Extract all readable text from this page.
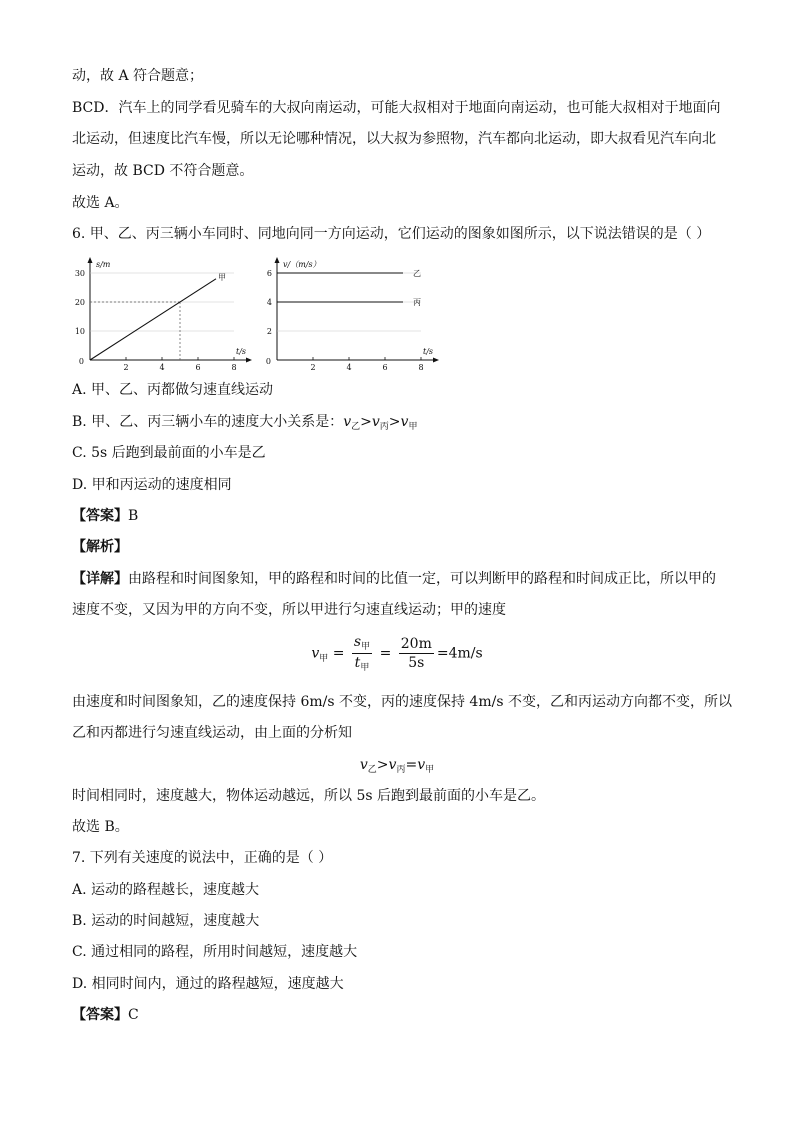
动，故 A 符合题意；
BCD．汽车上的同学看见骑车的大叔向南运动，可能大叔相对于地面向南运动，也可能大叔相对于地面向
北运动，但速度比汽车慢，所以无论哪种情况，以大叔为参照物，汽车都向北运动，即大叔看见汽车向北
运动，故 BCD 不符合题意。
故选 A。
6. 甲、乙、丙三辆小车同时、同地向同一方向运动，它们运动的图象如图所示，以下说法错误的是（ ）
10
20
30
0
2	4	6	8
t/s
s/m
甲
2
4
6
0
2	4	6	8
t/s
v/（m/s）
乙
丙
A. 甲、乙、丙都做匀速直线运动
B. 甲、乙、丙三辆小车的速度大小关系是：$v_乙>v_丙>v_甲$
C. 5s 后跑到最前面的小车是乙
D. 甲和丙运动的速度相同
【答案】B
【解析】
【详解】由路程和时间图象知，甲的路程和时间的比值一定，可以判断甲的路程和时间成正比，所以甲的
速度不变，又因为甲的方向不变，所以甲进行匀速直线运动；甲的速度
$v_甲 = \frac{s_甲}{t_甲} = \frac{20m}{5s} =4m/s$
由速度和时间图象知，乙的速度保持 6m/s 不变，丙的速度保持 4m/s 不变，乙和丙运动方向都不变，所以
乙和丙都进行匀速直线运动，由上面的分析知
$v_乙>v_丙=v_甲$
时间相同时，速度越大，物体运动越远，所以 5s 后跑到最前面的小车是乙。
故选 B。
7. 下列有关速度的说法中，正确的是（ ）
A. 运动的路程越长，速度越大
B. 运动的时间越短，速度越大
C. 通过相同的路程，所用时间越短，速度越大
D. 相同时间内，通过的路程越短，速度越大
【答案】C
